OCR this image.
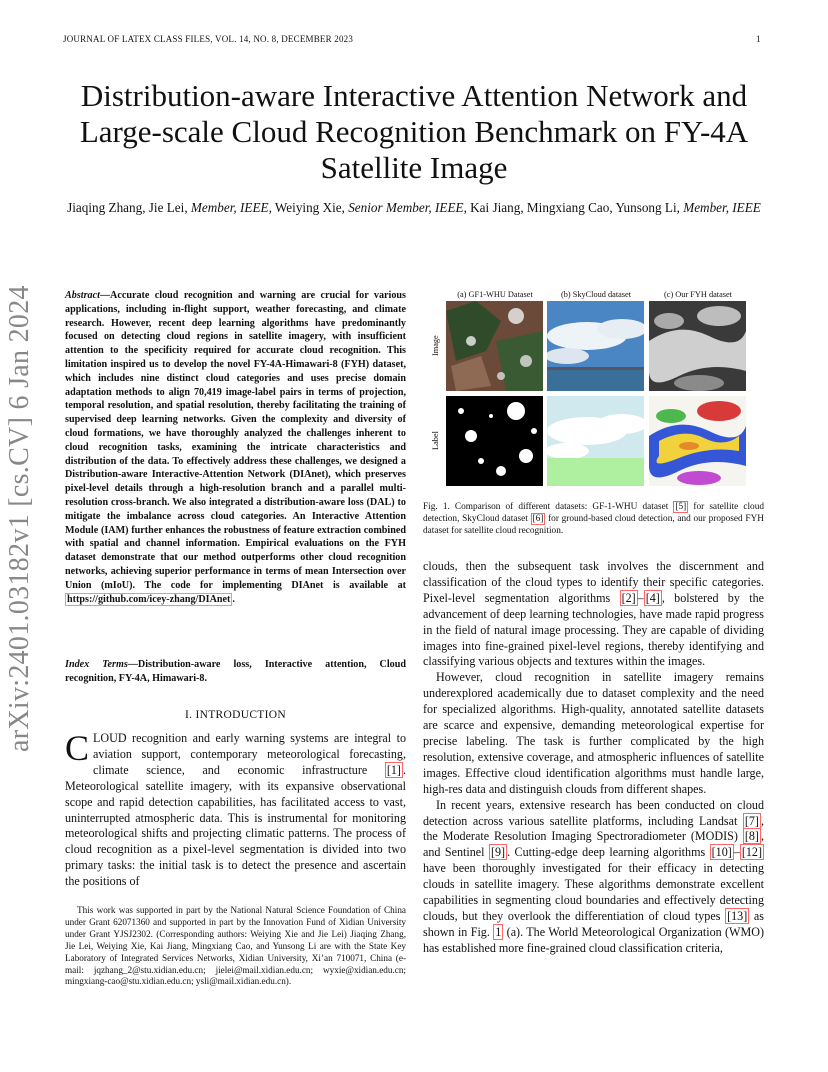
JOURNAL OF LATEX CLASS FILES, VOL. 14, NO. 8, DECEMBER 2023	1
Distribution-aware Interactive Attention Network and Large-scale Cloud Recognition Benchmark on FY-4A Satellite Image
Jiaqing Zhang, Jie Lei, Member, IEEE, Weiying Xie, Senior Member, IEEE, Kai Jiang, Mingxiang Cao, Yunsong Li, Member, IEEE
arXiv:2401.03182v1 [cs.CV] 6 Jan 2024	Abstract—Accurate cloud recognition and warning are crucial for various applications, including in-flight support, weather forecasting, and climate research. However, recent deep learning algorithms have predominantly focused on detecting cloud regions in satellite imagery, with insufficient attention to the specificity required for accurate cloud recognition. This limitation inspired us to develop the novel FY-4A-Himawari-8 (FYH) dataset, which includes nine distinct cloud categories and uses precise domain adaptation methods to align 70,419 image-label pairs in terms of projection, temporal resolution, and spatial resolution, thereby facilitating the training of supervised deep learning networks. Given the complexity and diversity of cloud formations, we have thoroughly analyzed the challenges inherent to cloud recognition tasks, examining the intricate characteristics and distribution of the data. To effectively address these challenges, we designed a Distribution-aware Interactive-Attention Network (DIAnet), which preserves pixel-level details through a high-resolution branch and a parallel multi-resolution cross-branch. We also integrated a distribution-aware loss (DAL) to mitigate the imbalance across cloud categories. An Interactive Attention Module (IAM) further enhances the robustness of feature extraction combined with spatial and channel information. Empirical evaluations on the FYH dataset demonstrate that our method outperforms other cloud recognition networks, achieving superior performance in terms of mean Intersection over Union (mIoU). The code for implementing DIAnet is available at https://github.com/icey-zhang/DIAnet .
Index Terms—Distribution-aware loss, Interactive attention, Cloud recognition, FY-4A, Himawari-8.
I. INTRODUCTION
CLOUD recognition and early warning systems are integral to aviation support, contemporary meteorological forecasting, climate science, and economic infrastructure [1] . Meteorological satellite imagery, with its expansive observational scope and rapid detection capabilities, has facilitated access to vast, uninterrupted atmospheric data. This is instrumental for monitoring meteorological shifts and projecting climatic patterns. The process of cloud recognition as a pixel-level segmentation is divided into two primary tasks: the initial task is to detect the presence and ascertain the positions of
This work was supported in part by the National Natural Science Foundation of China under Grant 62071360 and supported in part by the Innovation Fund of Xidian University under Grant YJSJ2302. (Corresponding authors: Weiying Xie and Jie Lei) Jiaqing Zhang, Jie Lei, Weiying Xie, Kai Jiang, Mingxiang Cao, and Yunsong Li are with the State Key Laboratory of Integrated Services Networks, Xidian University, Xi’an 710071, China (e-mail: jqzhang_2@stu.xidian.edu.cn; jielei@mail.xidian.edu.cn; wyxie@xidian.edu.cn; mingxiang-cao@stu.xidian.edu.cn; ysli@mail.xidian.edu.cn).
(a) GF1-WHU Dataset	(b) SkyCloud dataset	(c) Our FYH dataset
Image
Label
Fig. 1. Comparison of different datasets: GF-1-WHU dataset [5] for satellite cloud detection, SkyCloud dataset [6] for ground-based cloud detection, and our proposed FYH dataset for satellite cloud recognition.

clouds, then the subsequent task involves the discernment and classification of the cloud types to identify their specific categories. Pixel-level segmentation algorithms [2] – [4] , bolstered by the advancement of deep learning technologies, have made rapid progress in the field of natural image processing. They are capable of dividing images into fine-grained pixel-level regions, thereby identifying and classifying various objects and textures within the images.

However, cloud recognition in satellite imagery remains underexplored academically due to dataset complexity and the need for specialized algorithms. High-quality, annotated satellite datasets are scarce and expensive, demanding meteorological expertise for precise labeling. The task is further complicated by the high resolution, extensive coverage, and atmospheric influences of satellite images. Effective cloud identification algorithms must handle large, high-res data and distinguish clouds from different shapes.

In recent years, extensive research has been conducted on cloud detection across various satellite platforms, including Landsat [7] , the Moderate Resolution Imaging Spectroradiometer (MODIS) [8] , and Sentinel [9] . Cutting-edge deep learning algorithms [10] – [12] have been thoroughly investigated for their efficacy in detecting clouds in satellite imagery. These algorithms demonstrate excellent capabilities in segmenting cloud boundaries and effectively detecting clouds, but they overlook the differentiation of cloud types [13] as shown in Fig. 1 (a). The World Meteorological Organization (WMO) has established more fine-grained cloud classification criteria,
